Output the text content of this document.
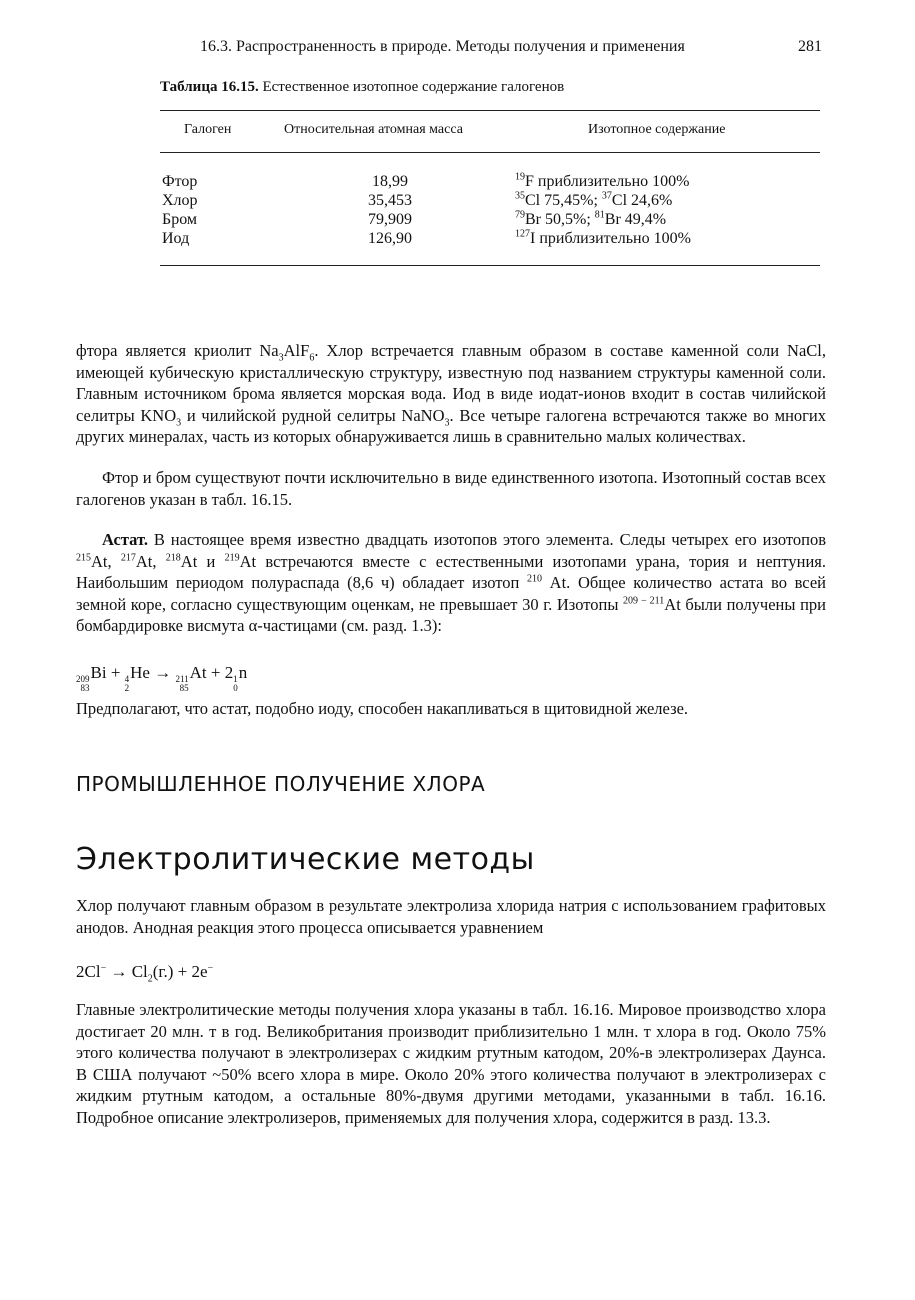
16.3. Распространенность в природе. Методы получения и применения	281
Таблица 16.15. Естественное изотопное содержание галогенов
Галоген	Относительная атомная масса	Изотопное содержание
Фтор	18,99	$^{19}$F приблизительно 100%
Хлор	35,453	$^{35}$Cl 75,45%; $^{37}$Cl 24,6%
Бром	79,909	$^{79}$Br 50,5%; $^{81}$Br 49,4%
Иод	126,90	$^{127}$I приблизительно 100%

фтора является криолит $Na_3AlF_6$. Хлор встречается главным образом в составе каменной соли NaCl, имеющей кубическую кристаллическую структуру, известную под названием структуры каменной соли. Главным источником брома является морская вода. Иод в виде иодат-ионов входит в состав чилийской селитры $KNO_3$ и чилийской рудной селитры NaNO$_3$. Все четыре галогена встречаются также во многих других минералах, часть из которых обнаруживается лишь в сравнительно малых количествах.

Фтор и бром существуют почти исключительно в виде единственного изотопа. Изотопный состав всех галогенов указан в табл. 16.15.

Астат. В настоящее время известно двадцать изотопов этого элемента. Следы четырех его изотопов $^{215}$At, $^{217}$At, $^{218}$At и $^{219}$At встречаются вместе с естественными изотопами урана, тория и нептуния. Наибольшим периодом полураспада (8,6 ч) обладает изотоп $^{210}$ At. Общее количество астата во всей земной коре, согласно существующим оценкам, не превышает 30 г. Изотопы $^{209 - 211}$At были получены при бомбардировке висмута α-частицами (см. разд. 1.3):

209
83
Bi + 4
2
He → 211
85
At + 2 1
0
n

Предполагают, что астат, подобно иоду, способен накапливаться в щитовидной железе.

ПРОМЫШЛЕННОЕ ПОЛУЧЕНИЕ ХЛОРА
Электролитические методы

Хлор получают главным образом в результате электролиза хлорида натрия с использованием графитовых анодов. Анодная реакция этого процесса описывается уравнением

$2Cl^- \to Cl_2(г.) + 2e^-$

Главные электролитические методы получения хлора указаны в табл. 16.16. Мировое производство хлора достигает 20 млн. т в год. Великобритания производит приблизительно 1 млн. т хлора в год. Около 75% этого количества получают в электролизерах с жидким ртутным катодом, 20%-в электролизерах Даунса. В США получают ~50% всего хлора в мире. Около 20% этого количества получают в электролизерах с жидким ртутным катодом, а остальные 80%-двумя другими методами, указанными в табл. 16.16. Подробное описание электролизеров, применяемых для получения хлора, содержится в разд. 13.3.
